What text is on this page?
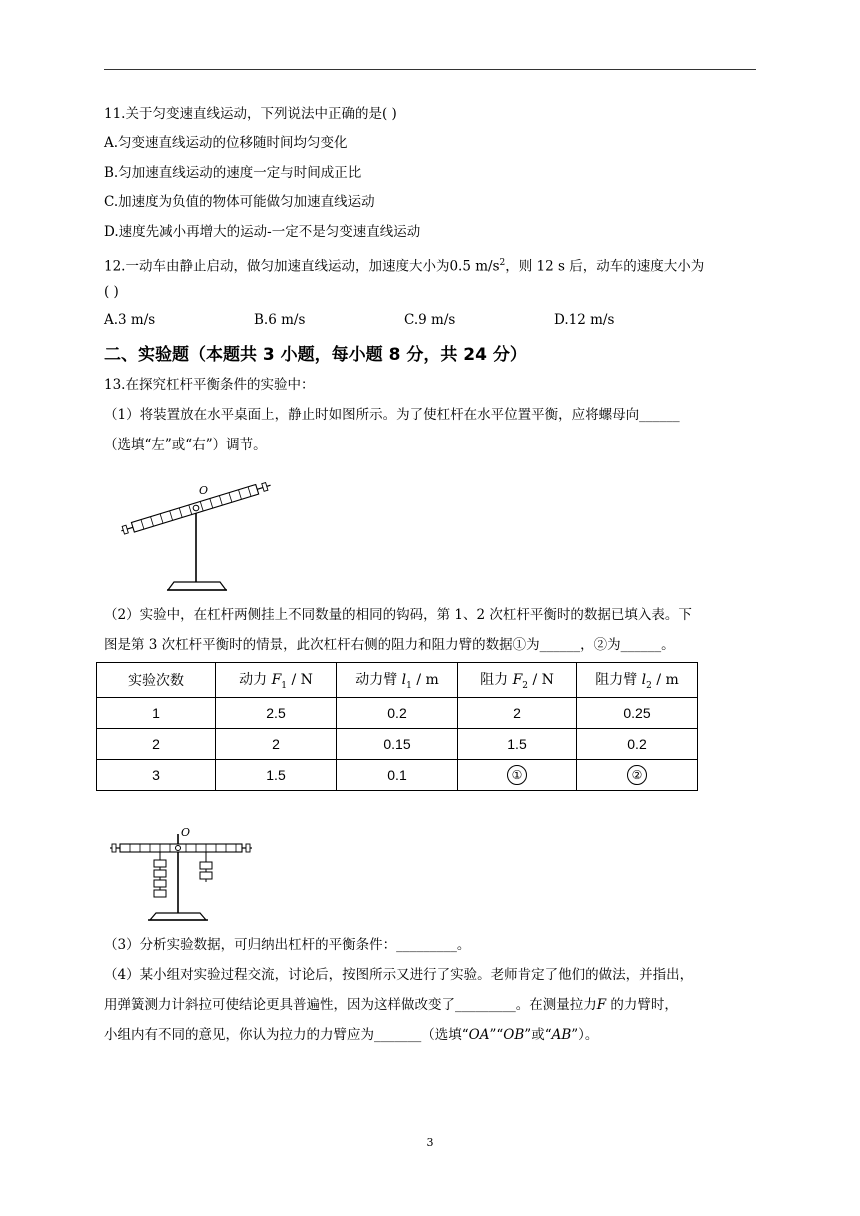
11.关于匀变速直线运动，下列说法中正确的是( )
A.匀变速直线运动的位移随时间均匀变化
B.匀加速直线运动的速度一定与时间成正比
C.加速度为负值的物体可能做匀加速直线运动
D.速度先减小再增大的运动-一定不是匀变速直线运动
12.一动车由静止启动，做匀加速直线运动，加速度大小为0.5 $m/s^2$，则 12 s 后，动车的速度大小为
( )
A.3 m/s	B.6 m/s	C.9 m/s	D.12 m/s
二、实验题（本题共 3 小题，每小题 8 分，共 24 分）
13.在探究杠杆平衡条件的实验中：
（1）将装置放在水平桌面上，静止时如图所示。为了使杠杆在水平位置平衡，应将螺母向______
（选填“左”或“右”）调节。
O
（2）实验中，在杠杆两侧挂上不同数量的相同的钩码，第 1、2 次杠杆平衡时的数据已填入表。下
图是第 3 次杠杆平衡时的情景，此次杠杆右侧的阻力和阻力臂的数据①为______，②为______。
实验次数	动力 $F_1$ / N	动力臂 $l_1$ / m	阻力 $F_2$ / N	阻力臂 $l_2$ / m
1	2.5	0.2	2	0.25
2	2	0.15	1.5	0.2
3	1.5	0.1	①	②
O
（3）分析实验数据，可归纳出杠杆的平衡条件：_________。
（4）某小组对实验过程交流，讨论后，按图所示又进行了实验。老师肯定了他们的做法，并指出，
用弹簧测力计斜拉可使结论更具普遍性，因为这样做改变了_________。在测量拉力F 的力臂时，
小组内有不同的意见，你认为拉力的力臂应为_______（选填“OA”“OB”或“AB”）。
3
